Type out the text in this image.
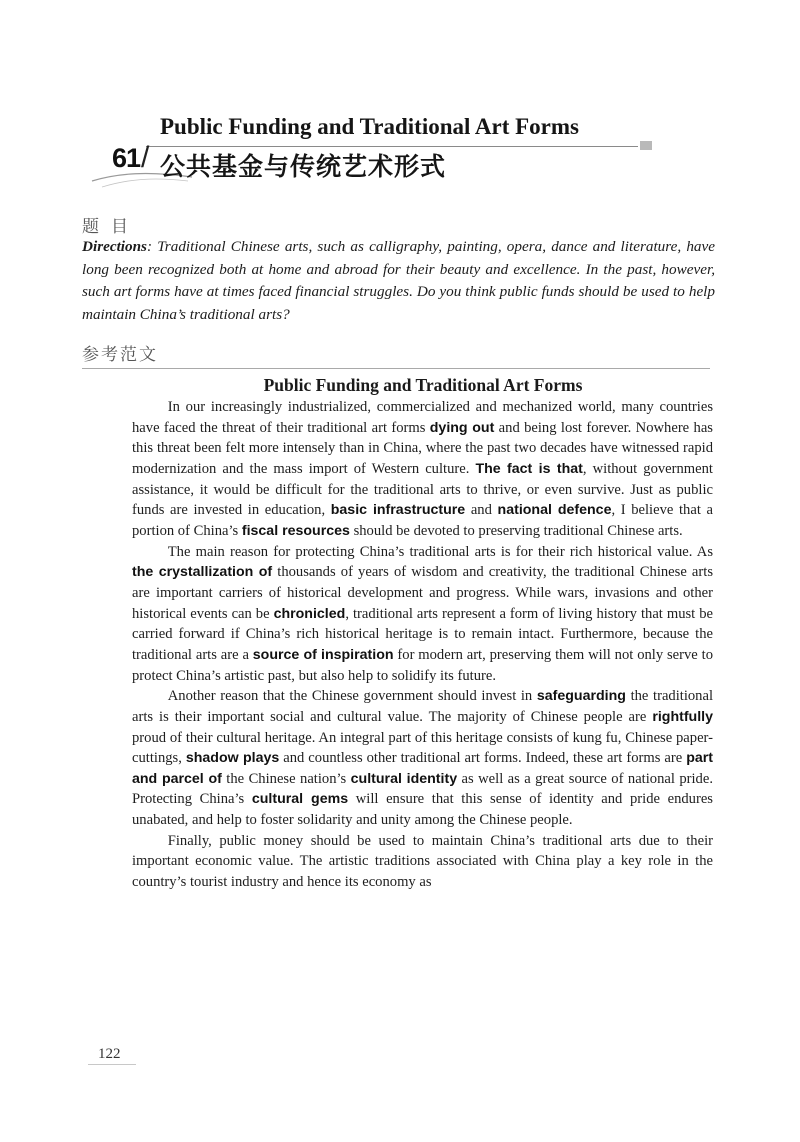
Public Funding and Traditional Art Forms
61 / 公共基金与传统艺术形式
题目

Directions: Traditional Chinese arts, such as calligraphy, painting, opera, dance and literature, have long been recognized both at home and abroad for their beauty and excellence. In the past, however, such art forms have at times faced financial struggles. Do you think public funds should be used to help maintain China’s traditional arts?

参考范文
Public Funding and Traditional Art Forms

In our increasingly industrialized, commercialized and mechanized world, many countries have faced the threat of their traditional art forms dying out and being lost forever. Nowhere has this threat been felt more intensely than in China, where the past two decades have witnessed rapid modernization and the mass import of Western culture. The fact is that, without government assistance, it would be difficult for the traditional arts to thrive, or even survive. Just as public funds are invested in education, basic infrastructure and national defence, I believe that a portion of China’s fiscal resources should be devoted to preserving traditional Chinese arts.

The main reason for protecting China’s traditional arts is for their rich historical value. As the crystallization of thousands of years of wisdom and creativity, the traditional Chinese arts are important carriers of historical development and progress. While wars, invasions and other historical events can be chronicled, traditional arts represent a form of living history that must be carried forward if China’s rich historical heritage is to remain intact. Furthermore, because the traditional arts are a source of inspiration for modern art, preserving them will not only serve to protect China’s artistic past, but also help to solidify its future.

Another reason that the Chinese government should invest in safeguarding the traditional arts is their important social and cultural value. The majority of Chinese people are rightfully proud of their cultural heritage. An integral part of this heritage consists of kung fu, Chinese paper-cuttings, shadow plays and countless other traditional art forms. Indeed, these art forms are part and parcel of the Chinese nation’s cultural identity as well as a great source of national pride. Protecting China’s cultural gems will ensure that this sense of identity and pride endures unabated, and help to foster solidarity and unity among the Chinese people.

Finally, public money should be used to maintain China’s traditional arts due to their important economic value. The artistic traditions associated with China play a key role in the country’s tourist industry and hence its economy as

122
